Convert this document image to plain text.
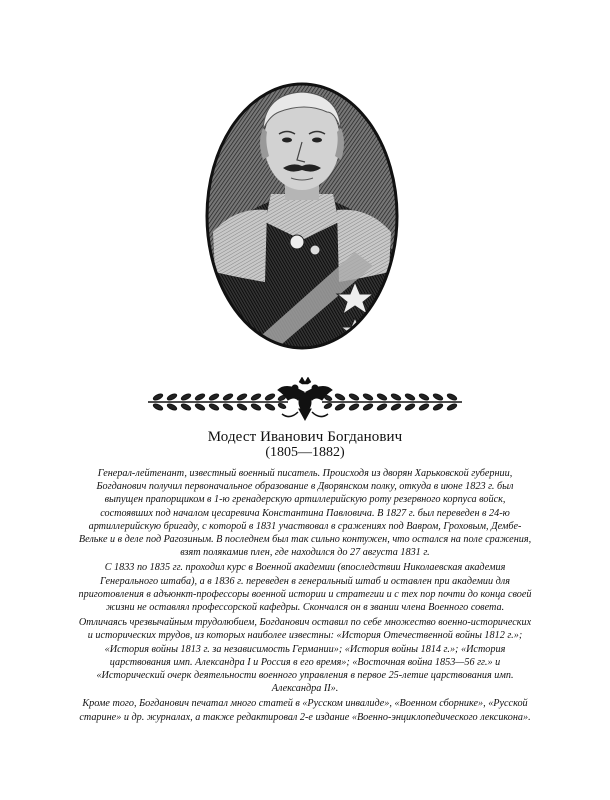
Модест Иванович Богданович
(1805—1882)

Генерал-лейтенант, известный военный писатель. Происходя из дворян Харьковской губернии, Богданович получил первоначальное образование в Дворянском полку, откуда в июне 1823 г. был выпущен прапорщиком в 1-ю гренадерскую артиллерийскую роту резервного корпуса войск, состоявших под началом цесаревича Константина Павловича. В 1827 г. был переведен в 24-ю артиллерийскую бригаду, с которой в 1831 участвовал в сражениях под Вавром, Гроховым, Дембе-Вельке и в деле под Рагозиным. В последнем был так сильно контужен, что остался на поле сражения, взят полякамив плен, где находился до 27 августа 1831 г.

С 1833 по 1835 гг. проходил курс в Военной академии (впоследствии Николаевская академия Генерального штаба), а в 1836 г. переведен в генеральный штаб и оставлен при академии для приготовления в адъюнкт-профессоры военной истории и стратегии и с тех пор почти до конца своей жизни не оставлял профессорской кафедры. Скончался он в звании члена Военного совета.

Отличаясь чрезвычайным трудолюбием, Богданович оставил по себе множество военно-исторических и исторических трудов, из которых наиболее известны: «История Отечественной войны 1812 г.»; «История войны 1813 г. за независимость Германии»; «История войны 1814 г.»; «История царствования имп. Александра I и Россия в его время»; «Восточная война 1853—56 гг.» и «Исторический очерк деятельности военного управления в первое 25-летие царствования имп. Александра II».

Кроме того, Богданович печатал много статей в «Русском инвалиде», «Военном сборнике», «Русской старине» и др. журналах, а также редактировал 2-е издание «Военно-энциклопедического лексикона».
